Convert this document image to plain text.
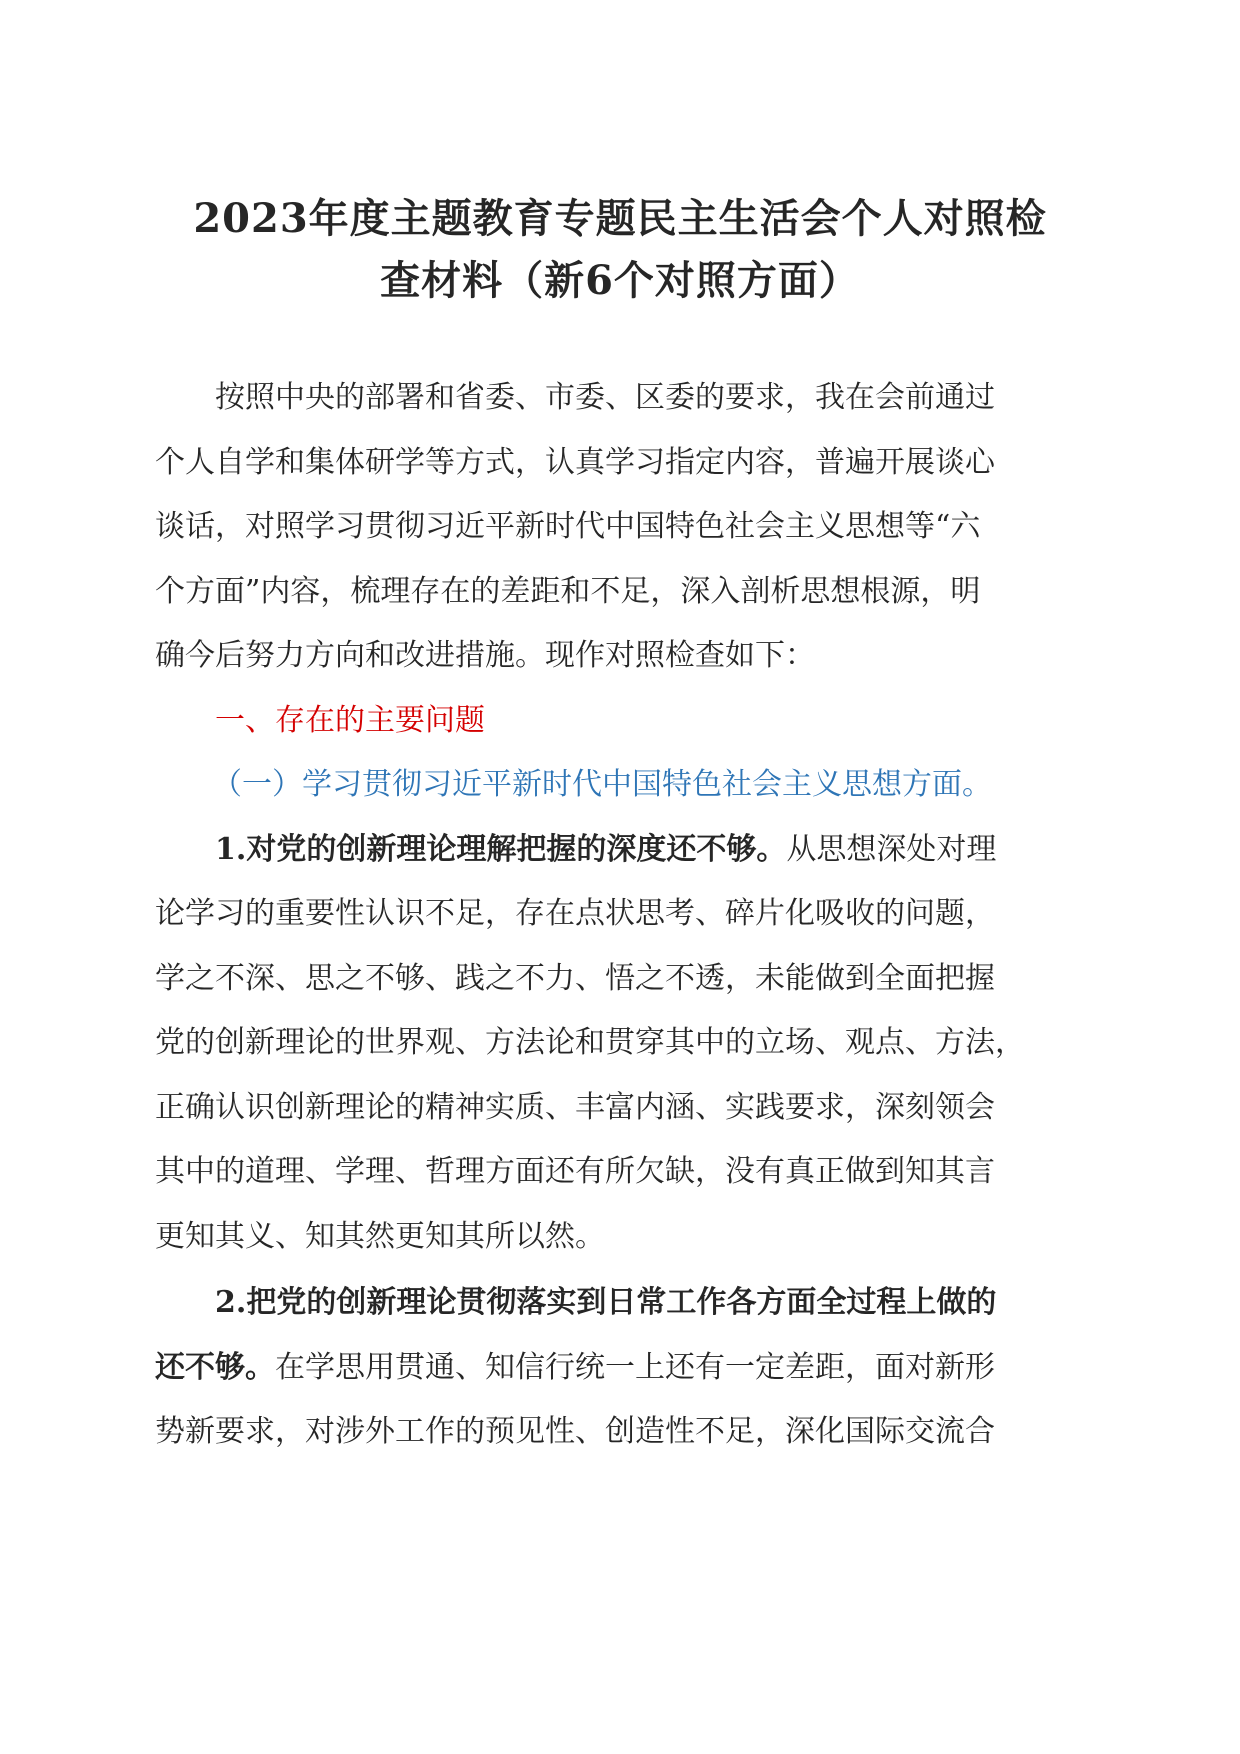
2023年度主题教育专题民主生活会个人对照检
查材料（新6个对照方面）

按照中央的部署和省委、市委、区委的要求，我在会前通过
个人自学和集体研学等方式，认真学习指定内容，普遍开展谈心
谈话，对照学习贯彻习近平新时代中国特色社会主义思想等“六
个方面”内容，梳理存在的差距和不足，深入剖析思想根源，明
确今后努力方向和改进措施。现作对照检查如下：

一、存在的主要问题

（一）学习贯彻习近平新时代中国特色社会主义思想方面。

1.对党的创新理论理解把握的深度还不够。从思想深处对理
论学习的重要性认识不足，存在点状思考、碎片化吸收的问题，
学之不深、思之不够、践之不力、悟之不透，未能做到全面把握
党的创新理论的世界观、方法论和贯穿其中的立场、观点、方法，
正确认识创新理论的精神实质、丰富内涵、实践要求，深刻领会
其中的道理、学理、哲理方面还有所欠缺，没有真正做到知其言
更知其义、知其然更知其所以然。

2.把党的创新理论贯彻落实到日常工作各方面全过程上做的
还不够。在学思用贯通、知信行统一上还有一定差距，面对新形
势新要求，对涉外工作的预见性、创造性不足，深化国际交流合
